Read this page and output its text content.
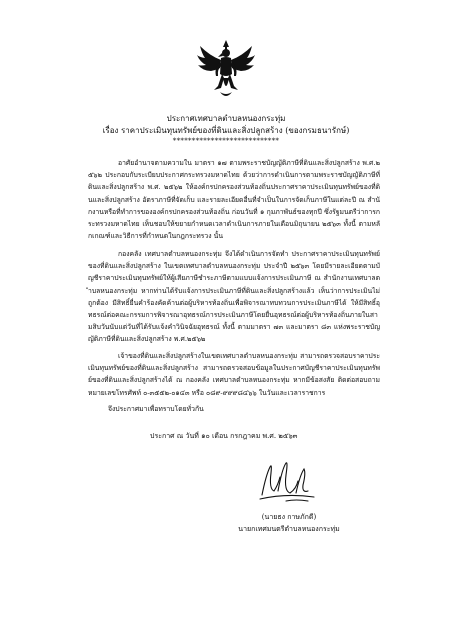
ประกาศเทศบาลตำบลหนองกระทุ่ม
เรื่อง ราคาประเมินทุนทรัพย์ของที่ดินและสิ่งปลูกสร้าง (ของกรมธนารักษ์)
****************************
อาศัยอำนาจตามความใน มาตรา ๑๗ ตามพระราชบัญญัติภาษีที่ดินและสิ่งปลูกสร้าง พ.ศ.๒๕๖๒ ประกอบกับระเบียบประกาศกระทรวงมหาดไทย ด้วยว่าการดำเนินการตามพระราชบัญญัติภาษีที่ดินและสิ่งปลูกสร้าง พ.ศ. ๒๕๖๒ ให้องค์กรปกครองส่วนท้องถิ่นประกาศราคาประเมินทุนทรัพย์ของที่ดินและสิ่งปลูกสร้าง อัตราภาษีที่จัดเก็บ และรายละเอียดอื่นที่จำเป็นในการจัดเก็บภาษีในแต่ละปี ณ สำนักงานหรือที่ทำการขององค์กรปกครองส่วนท้องถิ่น ก่อนวันที่ ๑ กุมภาพันธ์ของทุกปี ซึ่งรัฐมนตรีว่าการกระทรวงมหาดไทย เห็นชอบให้ขยายกำหนดเวลาดำเนินการภายในเดือนมิถุนายน ๒๕๖๓ ทั้งนี้ ตามหลักเกณฑ์และวิธีการที่กำหนดในกฎกระทรวง นั้น
กองคลัง เทศบาลตำบลหนองกระทุ่ม จึงได้ดำเนินการจัดทำ ประกาศราคาประเมินทุนทรัพย์ของที่ดินและสิ่งปลูกสร้าง ในเขตเทศบาลตำบลหนองกระทุ่ม ประจำปี ๒๕๖๓ โดยมีรายละเอียดตามบัญชีราคาประเมินทุนทรัพย์ให้ผู้เสียภาษีชำระภาษีตามแบบแจ้งการประเมินภาษี ณ สำนักงานเทศบาลตำบลหนองกระทุ่ม หากท่านได้รับแจ้งการประเมินภาษีที่ดินและสิ่งปลูกสร้างแล้ว เห็นว่าการประเมินไม่ถูกต้อง มีสิทธิ์ยื่นคำร้องคัดค้านต่อผู้บริหารท้องถิ่นเพื่อพิจารณาทบทวนการประเมินภาษีได้ ให้มีสิทธิ์อุทธรณ์ต่อคณะกรรมการพิจารณาอุทธรณ์การประเมินภาษีโดยยื่นอุทธรณ์ต่อผู้บริหารท้องถิ่นภายในสามสิบวันนับแต่วันที่ได้รับแจ้งคำวินิจฉัยอุทธรณ์ ทั้งนี้ ตามมาตรา ๗๓ และมาตรา ๘๓ แห่งพระราชบัญญัติภาษีที่ดินและสิ่งปลูกสร้าง พ.ศ.๒๕๖๒
เจ้าของที่ดินและสิ่งปลูกสร้างในเขตเทศบาลตำบลหนองกระทุ่ม สามารถตรวจสอบราคาประเมินทุนทรัพย์ของที่ดินและสิ่งปลูกสร้าง สามารถตรวจสอบข้อมูลในประกาศบัญชีราคาประเมินทุนทรัพย์ของที่ดินและสิ่งปลูกสร้างได้ ณ กองคลัง เทศบาลตำบลหนองกระทุ่ม หากมีข้อสงสัย ติดต่อสอบถาม หมายเลขโทรศัพท์ ๐-๓๕๕๒-๐๑๔๓ หรือ ๐๘๙-๙๙๙๘๔๖๖ ในวันและเวลาราชการ
จึงประกาศมาเพื่อทราบโดยทั่วกัน
ประกาศ ณ วันที่ ๑๐ เดือน กรกฎาคม พ.ศ. ๒๕๖๓
(นายธง กาษภักดี)
นายกเทศมนตรีตำบลหนองกระทุ่ม
